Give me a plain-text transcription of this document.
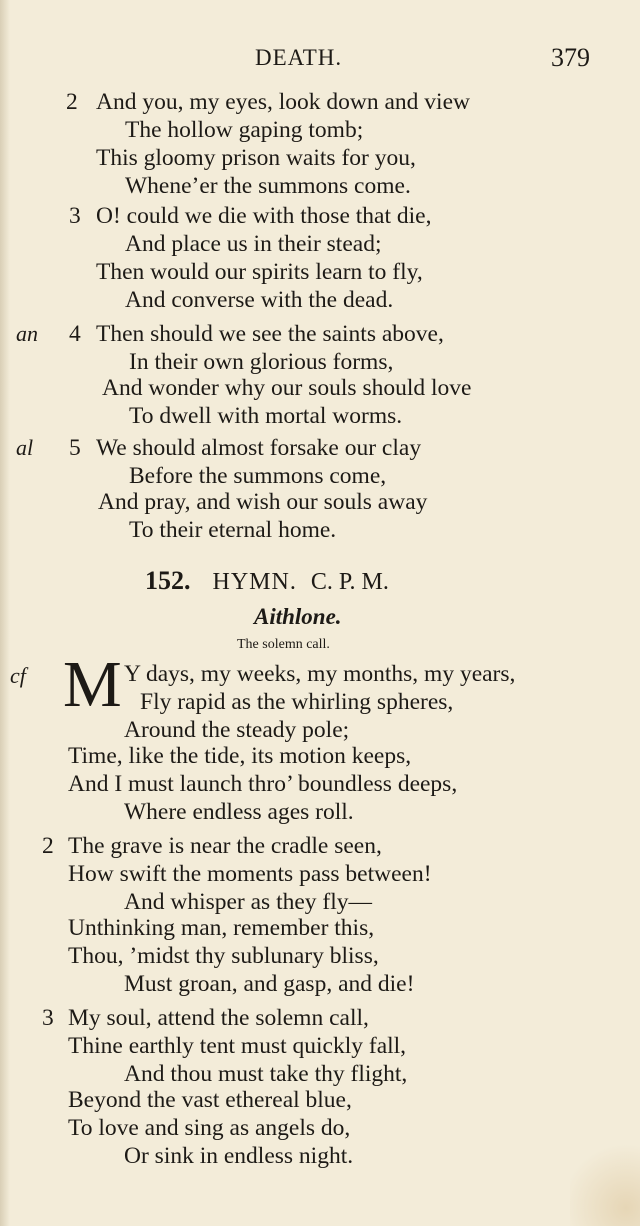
DEATH.	379
2 And you, my eyes, look down and view
The hollow gaping tomb;
This gloomy prison waits for you,
Whene’er the summons come.
3 O! could we die with those that die,
And place us in their stead;
Then would our spirits learn to fly,
And converse with the dead.
an 4 Then should we see the saints above,
In their own glorious forms,
And wonder why our souls should love
To dwell with mortal worms.
al 5 We should almost forsake our clay
Before the summons come,
And pray, and wish our souls away
To their eternal home.
152. HYMN. C. P. M.
Aithlone.
The solemn call.
cf M Y days, my weeks, my months, my years,
Fly rapid as the whirling spheres,
Around the steady pole;
Time, like the tide, its motion keeps,
And I must launch thro’ boundless deeps,
Where endless ages roll.
2 The grave is near the cradle seen,
How swift the moments pass between!
And whisper as they fly—
Unthinking man, remember this,
Thou, ’midst thy sublunary bliss,
Must groan, and gasp, and die!
3 My soul, attend the solemn call,
Thine earthly tent must quickly fall,
And thou must take thy flight,
Beyond the vast ethereal blue,
To love and sing as angels do,
Or sink in endless night.
